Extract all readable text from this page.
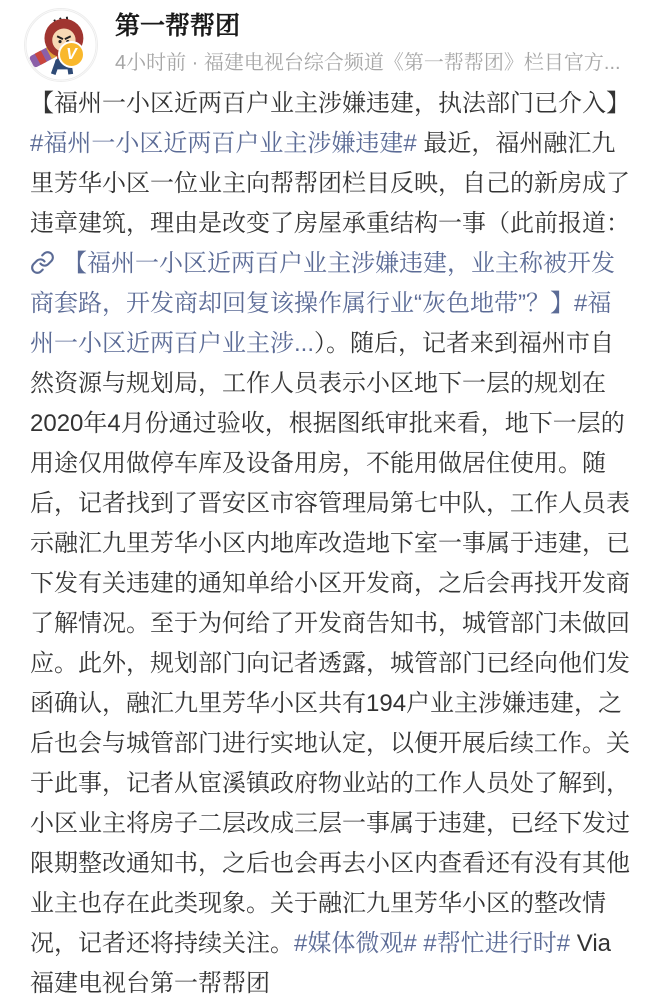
V
第一帮帮团
4小时前 · 福建电视台综合频道《第一帮帮团》栏目官方...
【福州一小区近两百户业主涉嫌违建，执法部门已介入】#福州一小区近两百户业主涉嫌违建# 最近，福州融汇九里芳华小区一位业主向帮帮团栏目反映，自己的新房成了违章建筑，理由是改变了房屋承重结构一事（此前报道：【福州一小区近两百户业主涉嫌违建，业主称被开发商套路，开发商却回复该操作属行业“灰色地带”？】#福州一小区近两百户业主涉...）。随后，记者来到福州市自然资源与规划局，工作人员表示小区地下一层的规划在2020年4月份通过验收，根据图纸审批来看，地下一层的用途仅用做停车库及设备用房，不能用做居住使用。随后，记者找到了晋安区市容管理局第七中队，工作人员表示融汇九里芳华小区内地库改造地下室一事属于违建，已下发有关违建的通知单给小区开发商，之后会再找开发商了解情况。至于为何给了开发商告知书，城管部门未做回应。此外，规划部门向记者透露，城管部门已经向他们发函确认，融汇九里芳华小区共有194户业主涉嫌违建，之后也会与城管部门进行实地认定，以便开展后续工作。关于此事，记者从宦溪镇政府物业站的工作人员处了解到，小区业主将房子二层改成三层一事属于违建，已经下发过限期整改通知书，之后也会再去小区内查看还有没有其他业主也存在此类现象。关于融汇九里芳华小区的整改情况，记者还将持续关注。#媒体微观# #帮忙进行时# Via 福建电视台第一帮帮团
